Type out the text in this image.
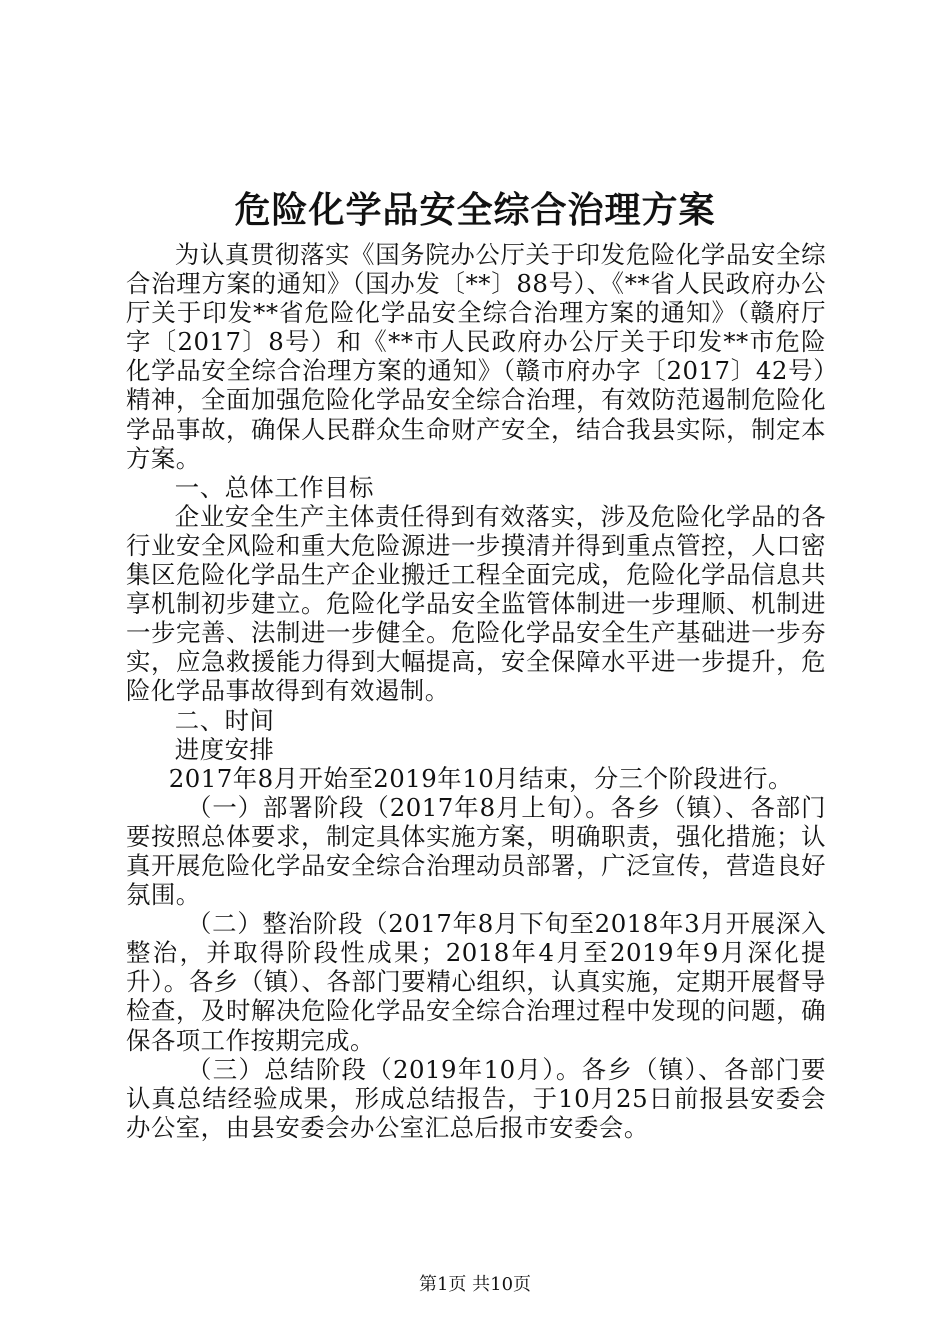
危险化学品安全综合治理方案

为认真贯彻落实《国务院办公厅关于印发危险化学品安全综合治理方案的通知》（国办发〔**〕88号）、《**省人民政府办公厅关于印发**省危险化学品安全综合治理方案的通知》（赣府厅字〔2017〕8号）和《**市人民政府办公厅关于印发**市危险化学品安全综合治理方案的通知》（赣市府办字〔2017〕42号）精神，全面加强危险化学品安全综合治理，有效防范遏制危险化学品事故，确保人民群众生命财产安全，结合我县实际，制定本方案。

一、总体工作目标

企业安全生产主体责任得到有效落实，涉及危险化学品的各行业安全风险和重大危险源进一步摸清并得到重点管控，人口密集区危险化学品生产企业搬迁工程全面完成，危险化学品信息共享机制初步建立。危险化学品安全监管体制进一步理顺、机制进一步完善、法制进一步健全。危险化学品安全生产基础进一步夯实，应急救援能力得到大幅提高，安全保障水平进一步提升，危险化学品事故得到有效遏制。

二、时间

进度安排

2017年8月开始至2019年10月结束，分三个阶段进行。

（一）部署阶段（2017年8月上旬）。各乡（镇）、各部门要按照总体要求，制定具体实施方案，明确职责，强化措施；认真开展危险化学品安全综合治理动员部署，广泛宣传，营造良好氛围。

（二）整治阶段（2017年8月下旬至2018年3月开展深入整治，并取得阶段性成果；2018年4月至2019年9月深化提升）。各乡（镇）、各部门要精心组织，认真实施，定期开展督导检查，及时解决危险化学品安全综合治理过程中发现的问题，确保各项工作按期完成。

（三）总结阶段（2019年10月）。各乡（镇）、各部门要认真总结经验成果，形成总结报告，于10月25日前报县安委会办公室，由县安委会办公室汇总后报市安委会。

第1页 共10页
